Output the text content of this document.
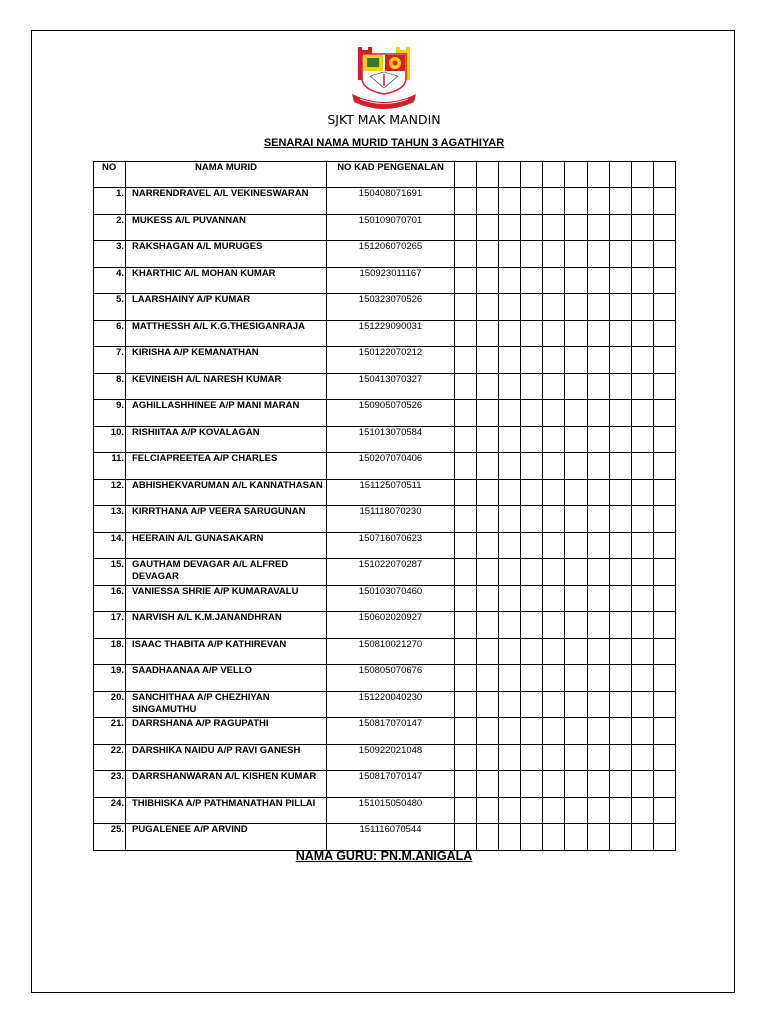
SJKT MAK MANDIN
SENARAI NAMA MURID TAHUN 3 AGATHIYAR
NO	NAMA MURID	NO KAD PENGENALAN										
1.	NARRENDRAVEL A/L VEKINESWARAN	150408071691										
2.	MUKESS A/L PUVANNAN	150109070701										
3.	RAKSHAGAN A/L MURUGES	151206070265										
4.	KHARTHIC A/L MOHAN KUMAR	150923011167										
5.	LAARSHAINY A/P KUMAR	150323070526										
6.	MATTHESSH A/L K.G.THESIGANRAJA	151229090031										
7.	KIRISHA A/P KEMANATHAN	150122070212										
8.	KEVINEISH A/L NARESH KUMAR	150413070327										
9.	AGHILLASHHINEE A/P MANI MARAN	150905070526										
10.	RISHIITAA A/P KOVALAGAN	151013070584										
11.	FELCIAPREETEA A/P CHARLES	150207070406										
12.	ABHISHEKVARUMAN A/L KANNATHASAN	151125070511										
13.	KIRRTHANA A/P VEERA SARUGUNAN	151118070230										
14.	HEERAIN A/L GUNASAKARN	150716070623										
15.	GAUTHAM DEVAGAR A/L ALFRED DEVAGAR	151022070287										
16.	VANIESSA SHRIE A/P KUMARAVALU	150103070460										
17.	NARVISH A/L K.M.JANANDHRAN	150602020927										
18.	ISAAC THABITA A/P KATHIREVAN	150810021270										
19.	SAADHAANAA A/P VELLO	150805070676										
20.	SANCHITHAA A/P CHEZHIYAN SINGAMUTHU	151220040230										
21.	DARRSHANA A/P RAGUPATHI	150817070147										
22.	DARSHIKA NAIDU A/P RAVI GANESH	150922021048										
23.	DARRSHANWARAN A/L KISHEN KUMAR	150817070147										
24.	THIBHISKA A/P PATHMANATHAN PILLAI	151015050480										
25.	PUGALENEE A/P ARVIND	151116070544										
NAMA GURU: PN.M.ANIGALA
